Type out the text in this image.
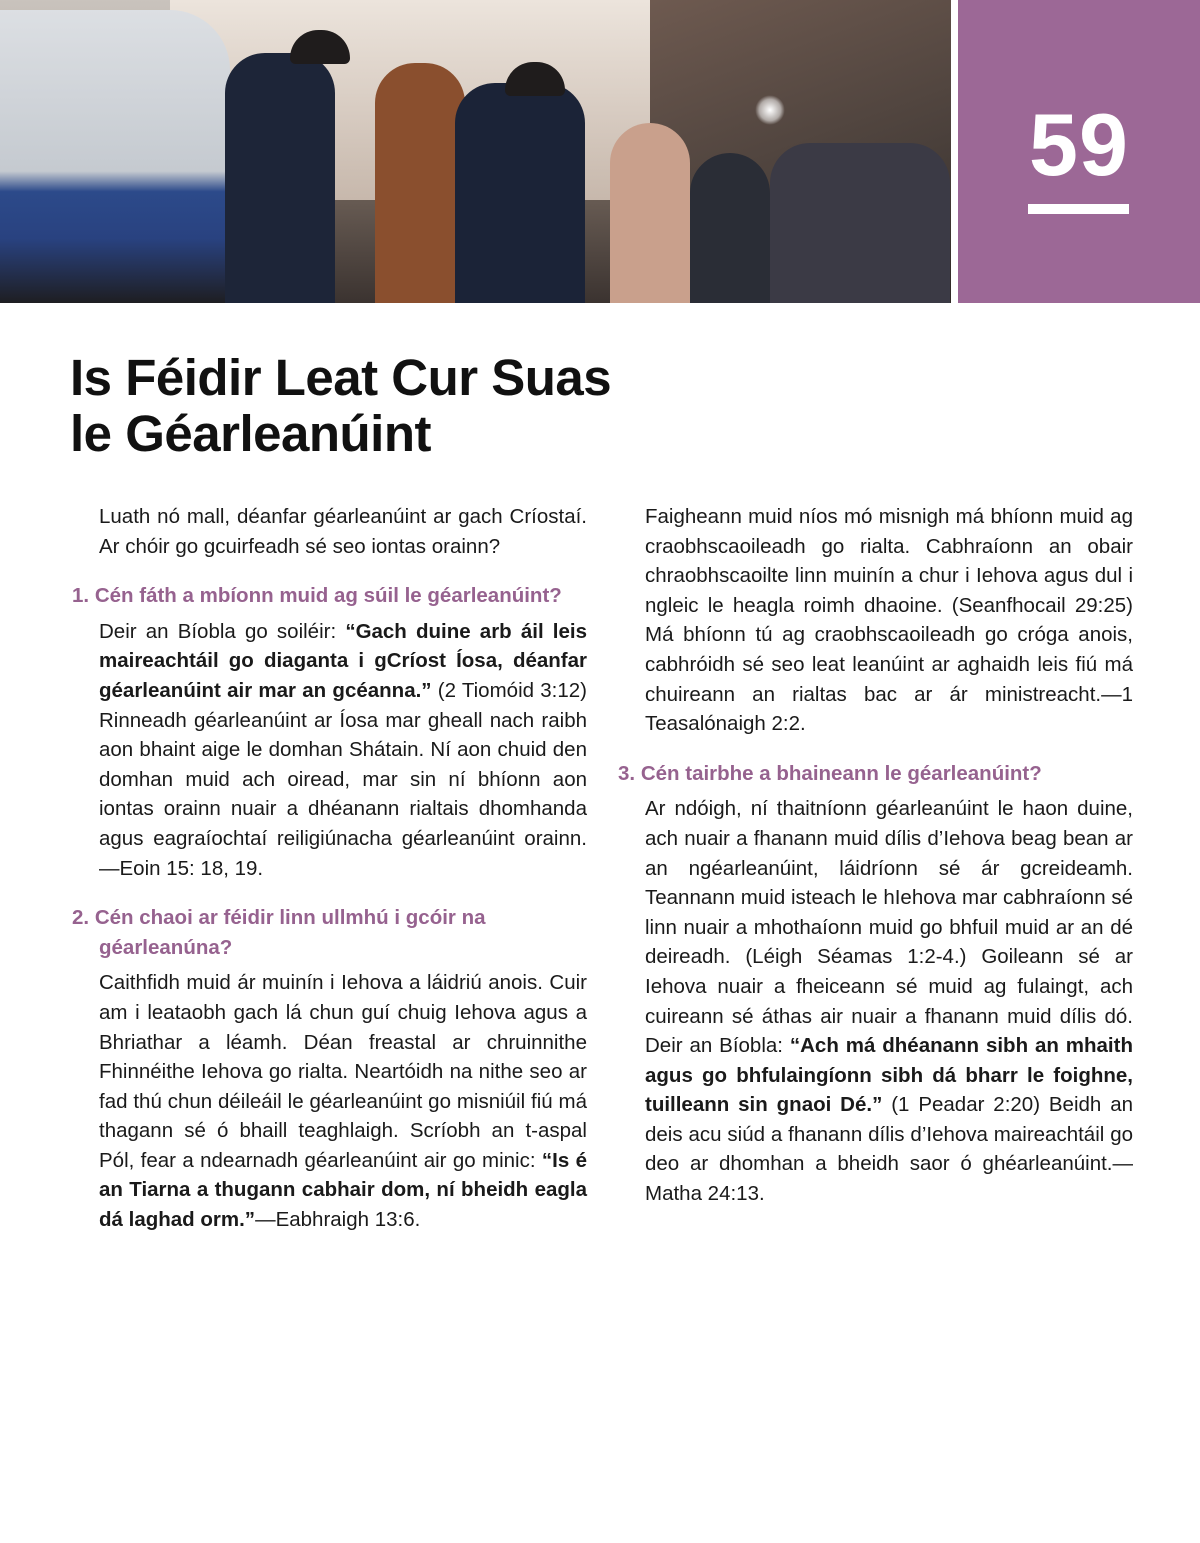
59
Is Féidir Leat Cur Suas
le Géarleanúint

Luath nó mall, déanfar géarleanúint ar gach Críostaí. Ar chóir go gcuirfeadh sé seo iontas orainn?

1. Cén fáth a mbíonn muid ag súil le géarleanúint?

Deir an Bíobla go soiléir: “Gach duine arb áil leis maireachtáil go diaganta i gCríost Íosa, déanfar géarleanúint air mar an gcéanna.” (2 Tiomóid 3:12) Rinneadh géarleanúint ar Íosa mar gheall nach raibh aon bhaint aige le domhan Shátain. Ní aon chuid den domhan muid ach oiread, mar sin ní bhíonn aon iontas orainn nuair a dhéanann rialtais dhomhanda agus eagraíochtaí reiligiúnacha géarleanúint orainn.—Eoin 15: 18, 19.

2. Cén chaoi ar féidir linn ullmhú i gcóir na géarleanúna?

Caithfidh muid ár muinín i Iehova a láidriú anois. Cuir am i leataobh gach lá chun guí chuig Iehova agus a Bhriathar a léamh. Déan freastal ar chruinnithe Fhinnéithe Iehova go rialta. Neartóidh na nithe seo ar fad thú chun déileáil le géarleanúint go misniúil fiú má thagann sé ó bhaill teaghlaigh. Scríobh an t-aspal Pól, fear a ndearnadh géarleanúint air go minic: “Is é an Tiarna a thugann cabhair dom, ní bheidh eagla dá laghad orm.”—Eabhraigh 13:6.

Faigheann muid níos mó misnigh má bhíonn muid ag craobhscaoileadh go rialta. Cabhraíonn an obair chraobhscaoilte linn muinín a chur i Iehova agus dul i ngleic le heagla roimh dhaoine. (Seanfhocail 29:25) Má bhíonn tú ag craobhscaoileadh go cróga anois, cabhróidh sé seo leat leanúint ar aghaidh leis fiú má chuireann an rialtas bac ar ár ministreacht.—1 Teasalónaigh 2:2.

3. Cén tairbhe a bhaineann le géarleanúint?

Ar ndóigh, ní thaitníonn géarleanúint le haon duine, ach nuair a fhanann muid dílis d’Iehova beag bean ar an ngéarleanúint, láidríonn sé ár gcreideamh. Teannann muid isteach le hIehova mar cabhraíonn sé linn nuair a mhothaíonn muid go bhfuil muid ar an dé deireadh. (Léigh Séamas 1:2-4.) Goileann sé ar Iehova nuair a fheiceann sé muid ag fulaingt, ach cuireann sé áthas air nuair a fhanann muid dílis dó. Deir an Bíobla: “Ach má dhéanann sibh an mhaith agus go bhfulaingíonn sibh dá bharr le foighne, tuilleann sin gnaoi Dé.” (1 Peadar 2:20) Beidh an deis acu siúd a fhanann dílis d’Iehova maireachtáil go deo ar dhomhan a bheidh saor ó ghéarleanúint.—Matha 24:13.
